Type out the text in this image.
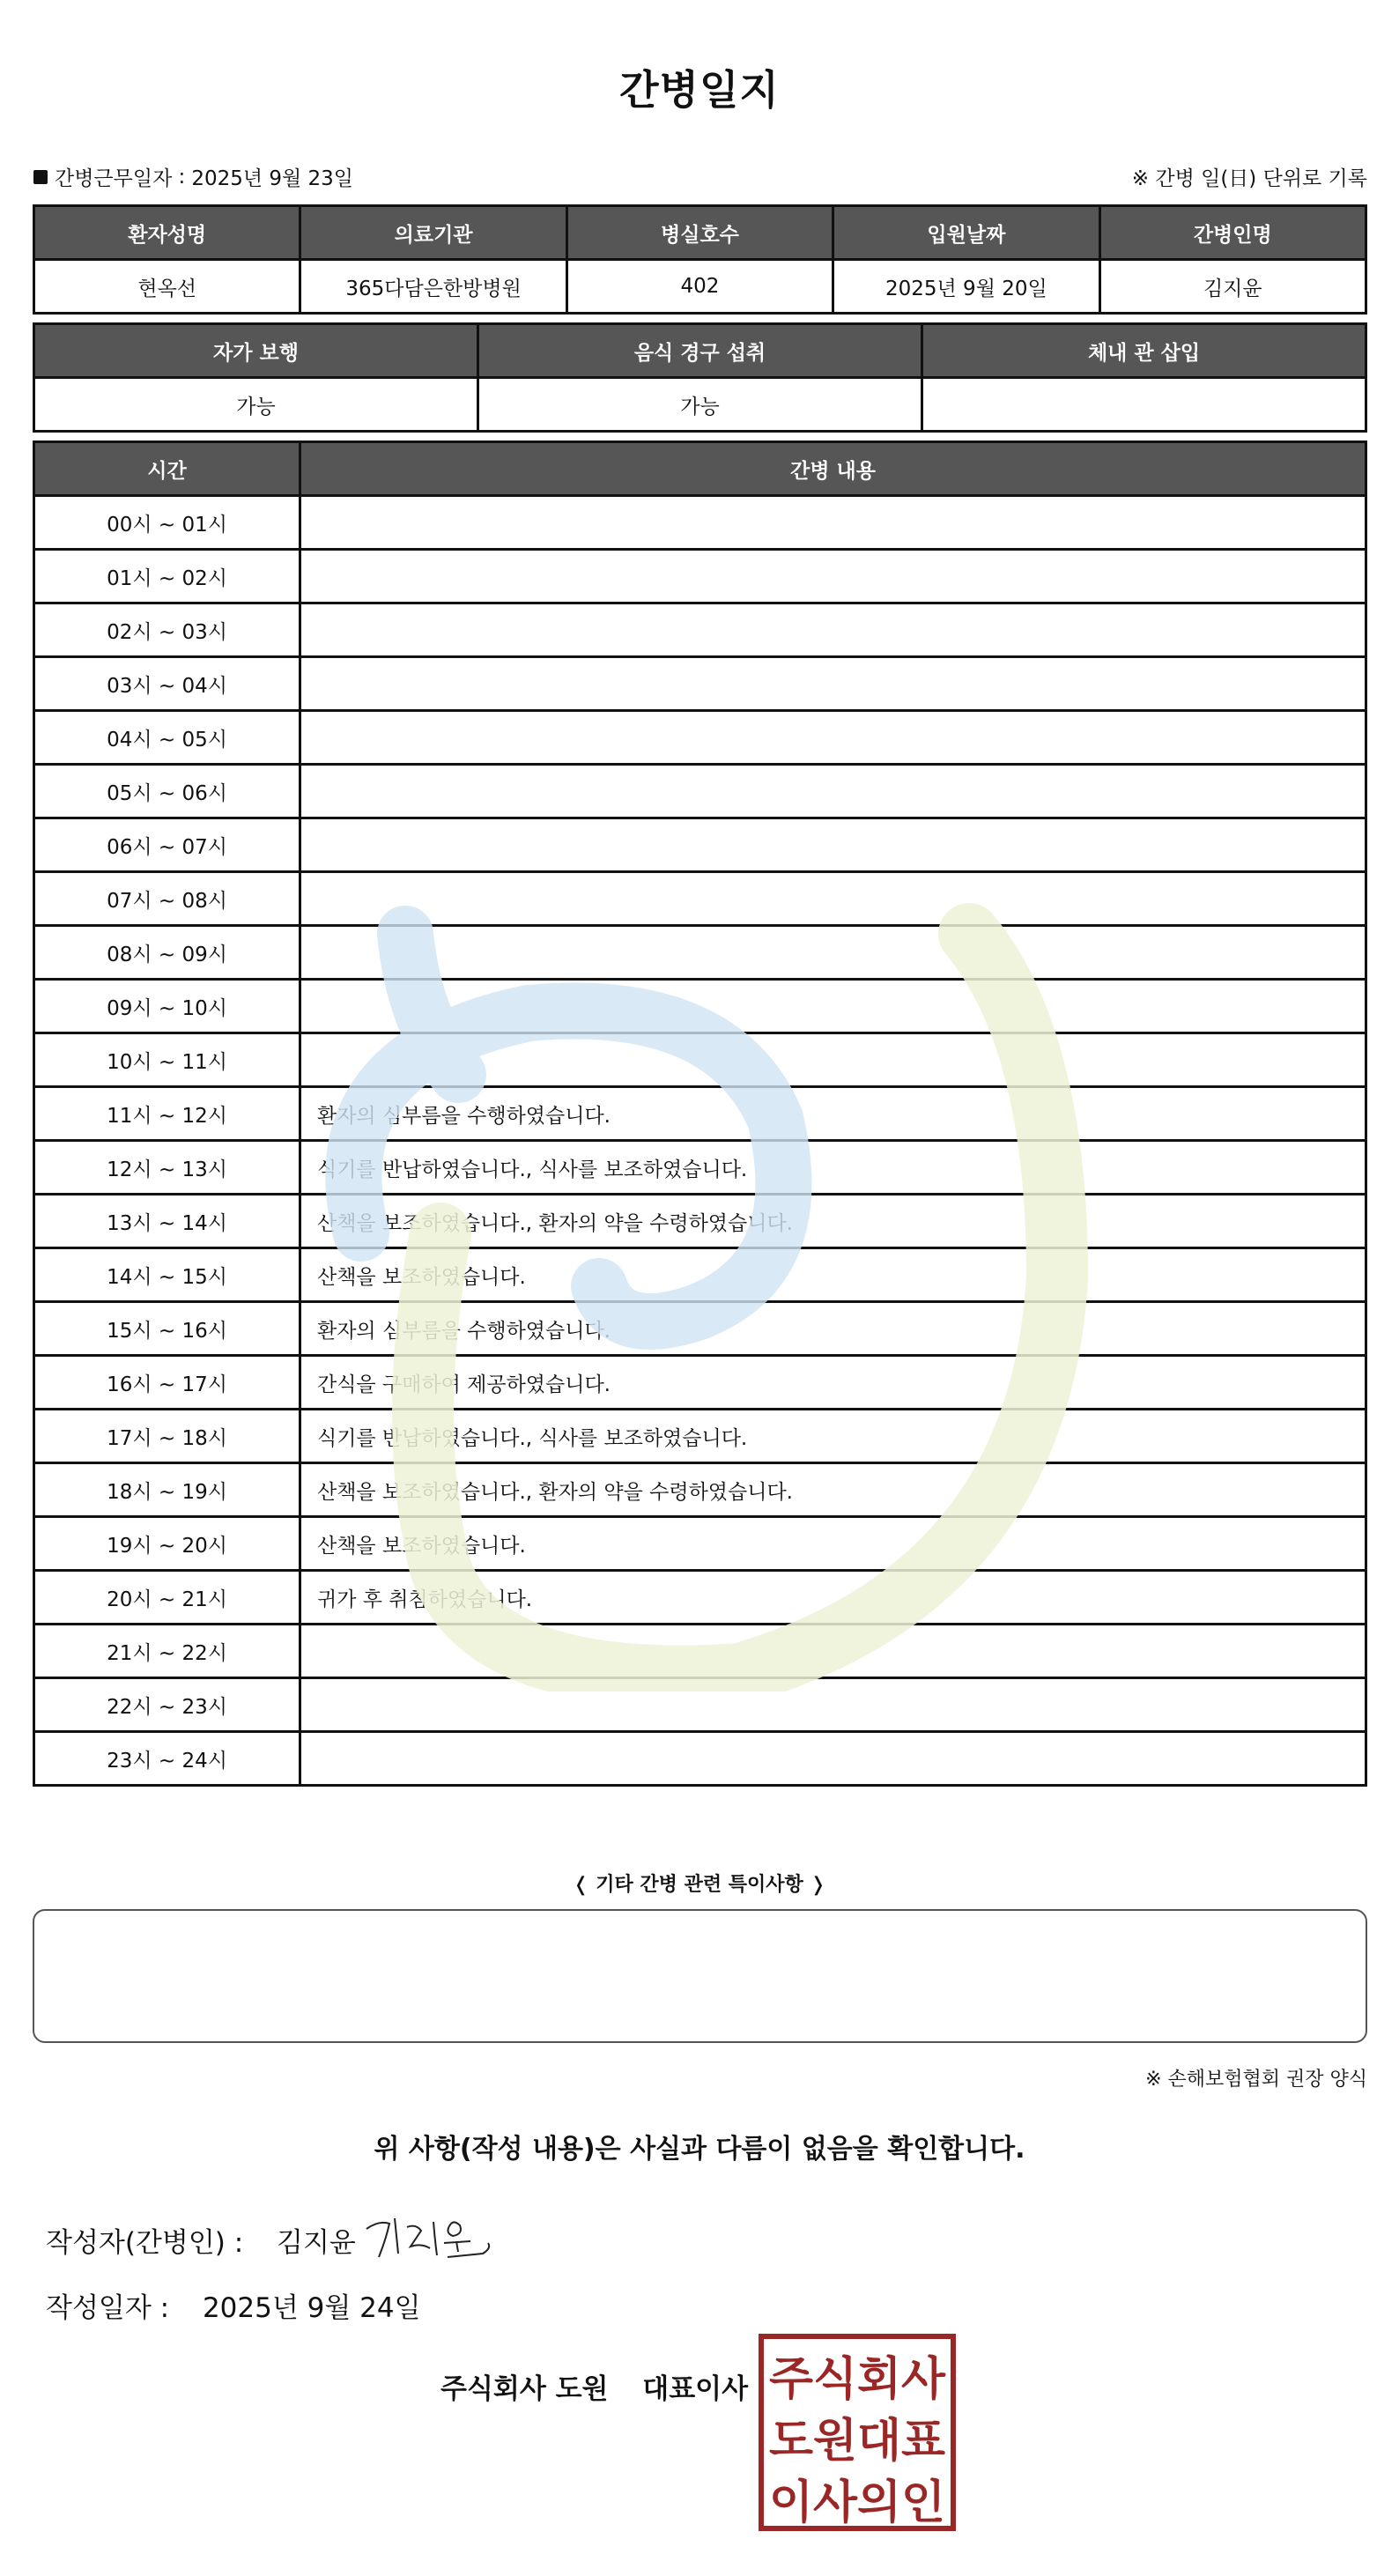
간병일지
간병근무일자 : 2025년 9월 23일	※ 간병 일(日) 단위로 기록
환자성명	의료기관	병실호수	입원날짜	간병인명
현옥선	365다담은한방병원	402	2025년 9월 20일	김지윤
자가 보행	음식 경구 섭취	체내 관 삽입
가능	가능	
시간	간병 내용
00시 ~ 01시	
01시 ~ 02시	
02시 ~ 03시	
03시 ~ 04시	
04시 ~ 05시	
05시 ~ 06시	
06시 ~ 07시	
07시 ~ 08시	
08시 ~ 09시	
09시 ~ 10시	
10시 ~ 11시	
11시 ~ 12시	환자의 심부름을 수행하였습니다.
12시 ~ 13시	식기를 반납하였습니다., 식사를 보조하였습니다.
13시 ~ 14시	산책을 보조하였습니다., 환자의 약을 수령하였습니다.
14시 ~ 15시	산책을 보조하였습니다.
15시 ~ 16시	환자의 심부름을 수행하였습니다.
16시 ~ 17시	간식을 구매하여 제공하였습니다.
17시 ~ 18시	식기를 반납하였습니다., 식사를 보조하였습니다.
18시 ~ 19시	산책을 보조하였습니다., 환자의 약을 수령하였습니다.
19시 ~ 20시	산책을 보조하였습니다.
20시 ~ 21시	귀가 후 취침하였습니다.
21시 ~ 22시	
22시 ~ 23시	
23시 ~ 24시	
❬ 기타 간병 관련 특이사항 ❭
※ 손해보험협회 권장 양식
위 사항(작성 내용)은 사실과 다름이 없음을 확인합니다.
작성자(간병인) : 김지윤
작성일자 : 2025년 9월 24일
주식회사 도원 대표이사 주식회사
도원대표
이사의인
